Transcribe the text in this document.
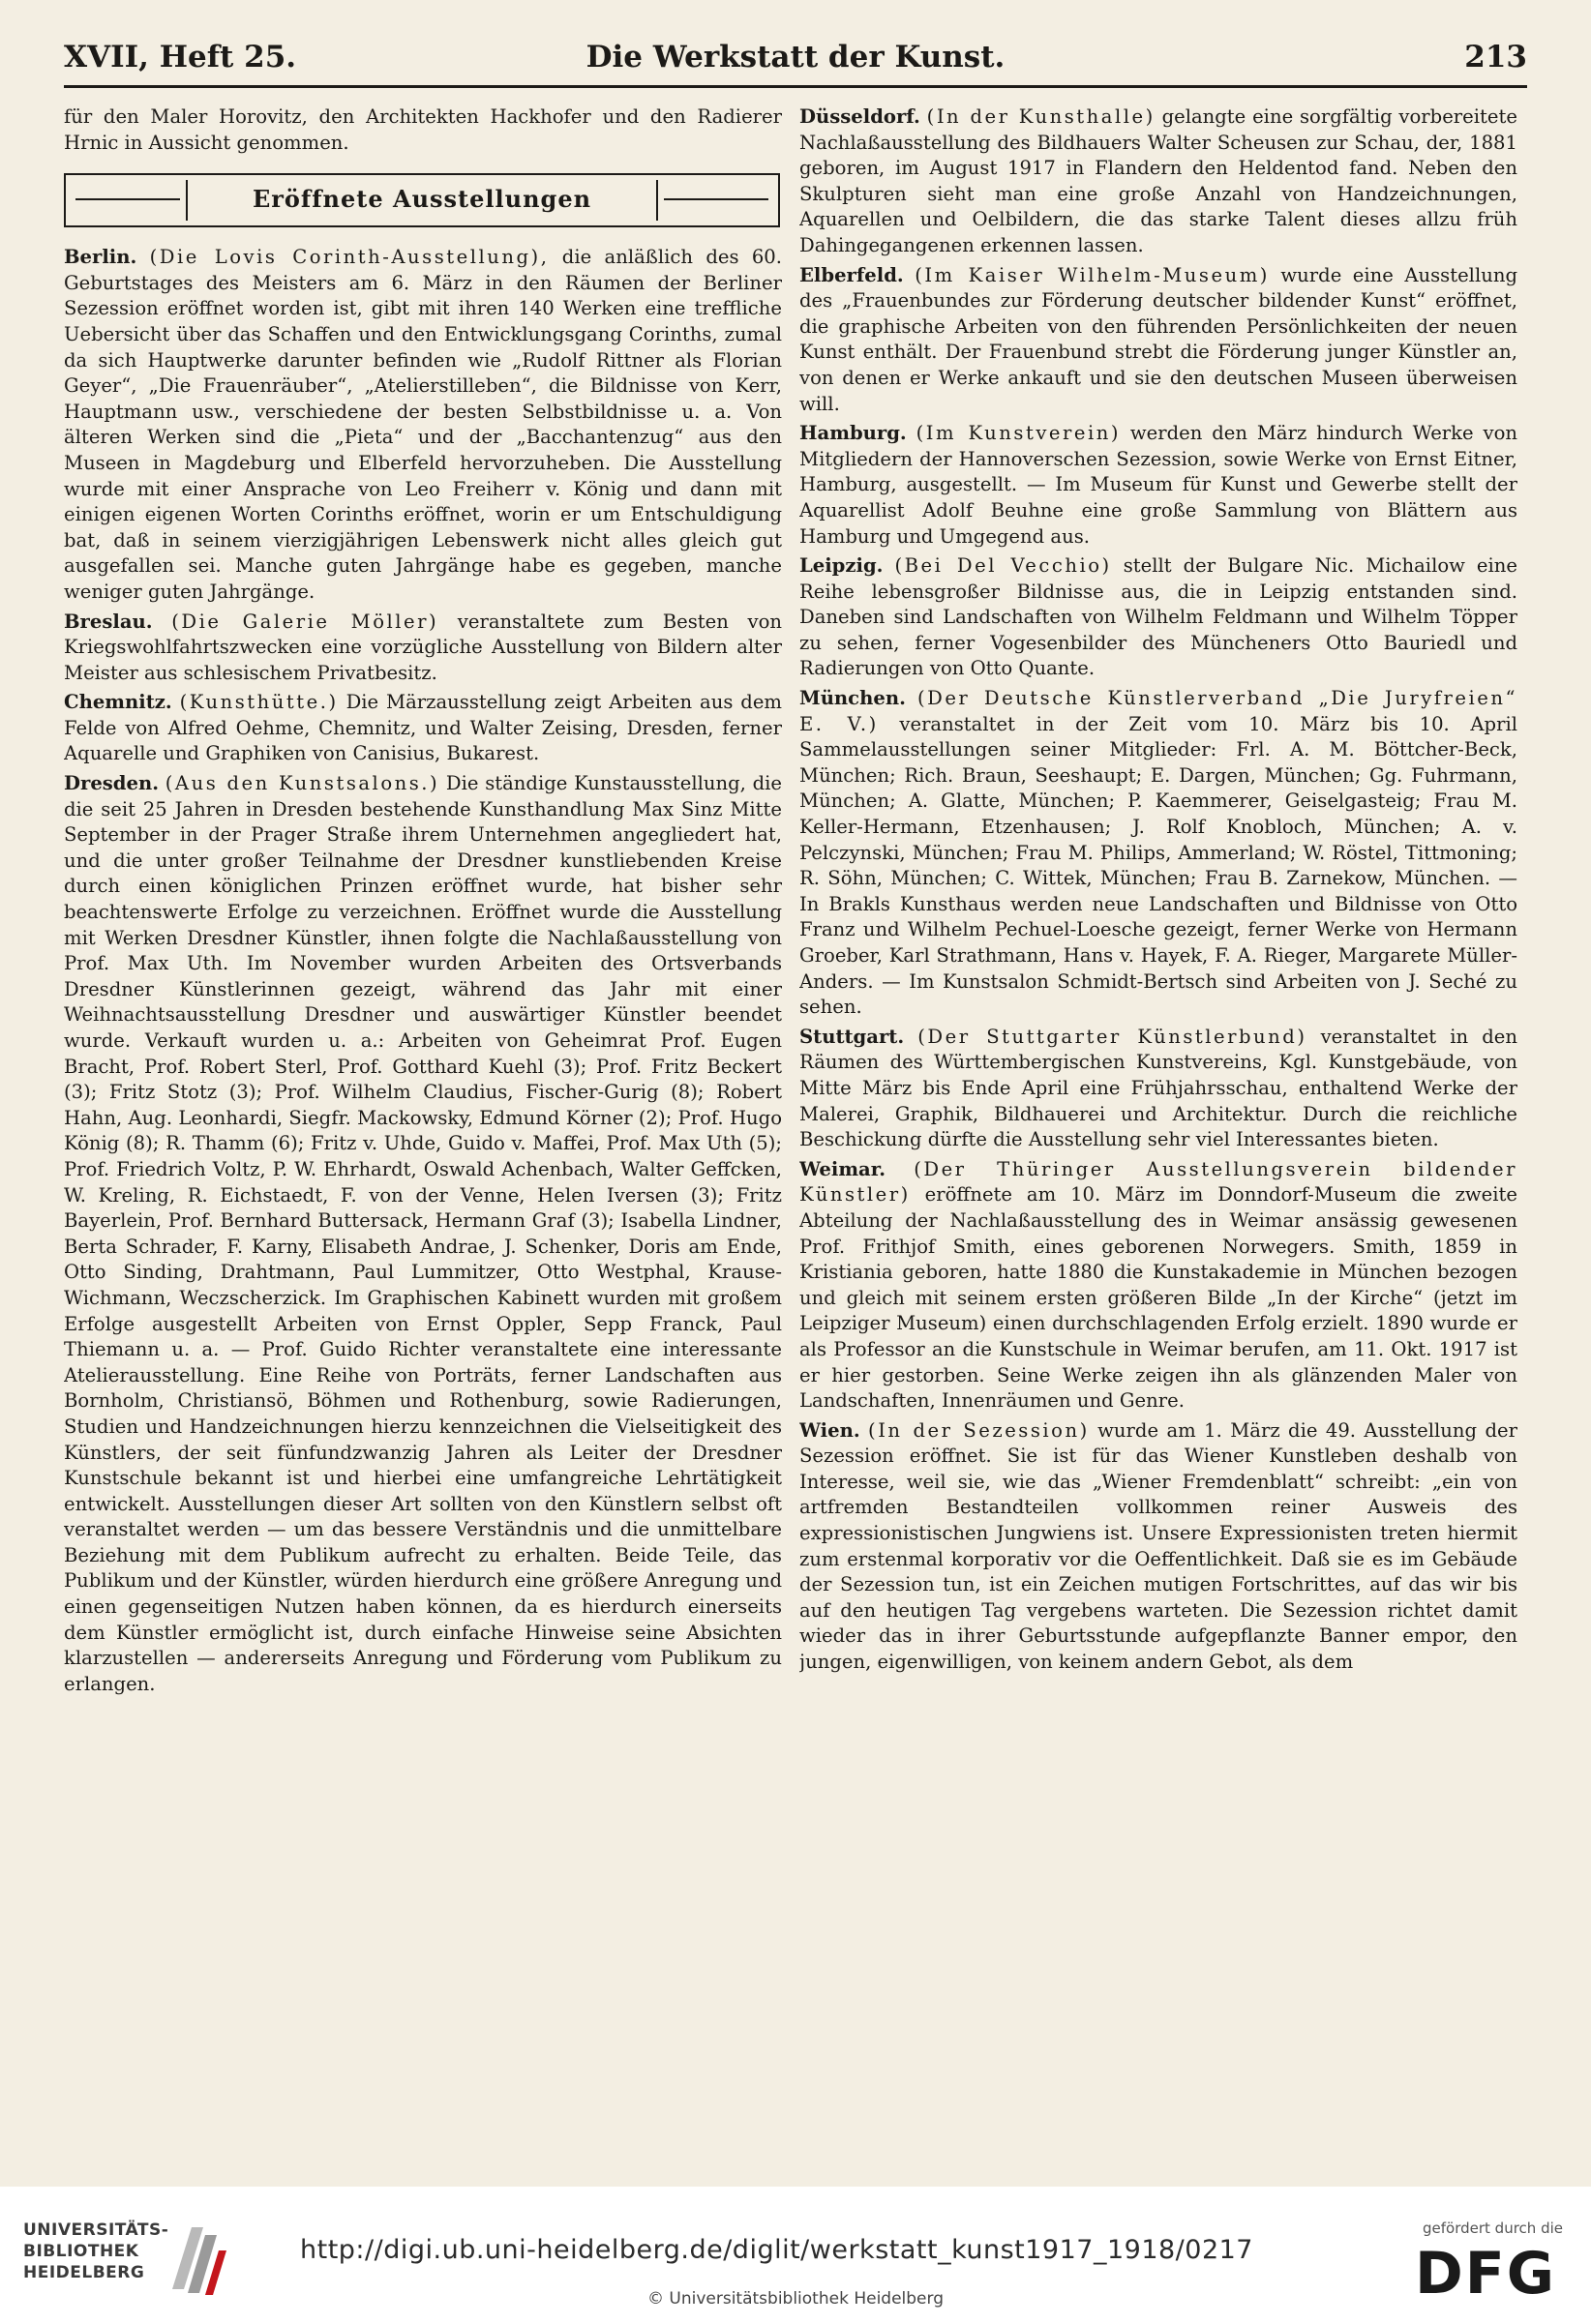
XVII, Heft 25.	Die Werkstatt der Kunst.	213

für den Maler Horovitz, den Architekten Hackhofer und den Radierer Hrnic in Aussicht genommen.

Eröffnete Ausstellungen

Berlin. (Die Lovis Corinth-Ausstellung), die anläßlich des 60. Geburtstages des Meisters am 6. März in den Räumen der Berliner Sezession eröffnet worden ist, gibt mit ihren 140 Werken eine treffliche Uebersicht über das Schaffen und den Entwicklungsgang Corinths, zumal da sich Hauptwerke darunter befinden wie „Rudolf Rittner als Florian Geyer“, „Die Frauenräuber“, „Atelierstilleben“, die Bildnisse von Kerr, Hauptmann usw., verschiedene der besten Selbstbildnisse u. a. Von älteren Werken sind die „Pieta“ und der „Bacchantenzug“ aus den Museen in Magdeburg und Elberfeld hervorzuheben. Die Ausstellung wurde mit einer Ansprache von Leo Freiherr v. König und dann mit einigen eigenen Worten Corinths eröffnet, worin er um Entschuldigung bat, daß in seinem vierzigjährigen Lebenswerk nicht alles gleich gut ausgefallen sei. Manche guten Jahrgänge habe es gegeben, manche weniger guten Jahrgänge.

Breslau. (Die Galerie Möller) veranstaltete zum Besten von Kriegswohlfahrtszwecken eine vorzügliche Ausstellung von Bildern alter Meister aus schlesischem Privatbesitz.

Chemnitz. (Kunsthütte.) Die Märzausstellung zeigt Arbeiten aus dem Felde von Alfred Oehme, Chemnitz, und Walter Zeising, Dresden, ferner Aquarelle und Graphiken von Canisius, Bukarest.

Dresden. (Aus den Kunstsalons.) Die ständige Kunstausstellung, die die seit 25 Jahren in Dresden bestehende Kunsthandlung Max Sinz Mitte September in der Prager Straße ihrem Unternehmen angegliedert hat, und die unter großer Teilnahme der Dresdner kunstliebenden Kreise durch einen königlichen Prinzen eröffnet wurde, hat bisher sehr beachtenswerte Erfolge zu verzeichnen. Eröffnet wurde die Ausstellung mit Werken Dresdner Künstler, ihnen folgte die Nachlaßausstellung von Prof. Max Uth. Im November wurden Arbeiten des Ortsverbands Dresdner Künstlerinnen gezeigt, während das Jahr mit einer Weihnachtsausstellung Dresdner und auswärtiger Künstler beendet wurde. Verkauft wurden u. a.: Arbeiten von Geheimrat Prof. Eugen Bracht, Prof. Robert Sterl, Prof. Gotthard Kuehl (3); Prof. Fritz Beckert (3); Fritz Stotz (3); Prof. Wilhelm Claudius, Fischer-Gurig (8); Robert Hahn, Aug. Leonhardi, Siegfr. Mackowsky, Edmund Körner (2); Prof. Hugo König (8); R. Thamm (6); Fritz v. Uhde, Guido v. Maffei, Prof. Max Uth (5); Prof. Friedrich Voltz, P. W. Ehrhardt, Oswald Achenbach, Walter Geffcken, W. Kreling, R. Eichstaedt, F. von der Venne, Helen Iversen (3); Fritz Bayerlein, Prof. Bernhard Buttersack, Hermann Graf (3); Isabella Lindner, Berta Schrader, F. Karny, Elisabeth Andrae, J. Schenker, Doris am Ende, Otto Sinding, Drahtmann, Paul Lummitzer, Otto Westphal, Krause-Wichmann, Weczscherzick. Im Graphischen Kabinett wurden mit großem Erfolge ausgestellt Arbeiten von Ernst Oppler, Sepp Franck, Paul Thiemann u. a. — Prof. Guido Richter veranstaltete eine interessante Atelierausstellung. Eine Reihe von Porträts, ferner Landschaften aus Bornholm, Christiansö, Böhmen und Rothenburg, sowie Radierungen, Studien und Handzeichnungen hierzu kennzeichnen die Vielseitigkeit des Künstlers, der seit fünfundzwanzig Jahren als Leiter der Dresdner Kunstschule bekannt ist und hierbei eine umfangreiche Lehrtätigkeit entwickelt. Ausstellungen dieser Art sollten von den Künstlern selbst oft veranstaltet werden — um das bessere Verständnis und die unmittelbare Beziehung mit dem Publikum aufrecht zu erhalten. Beide Teile, das Publikum und der Künstler, würden hierdurch eine größere Anregung und einen gegenseitigen Nutzen haben können, da es hierdurch einerseits dem Künstler ermöglicht ist, durch einfache Hinweise seine Absichten klarzustellen — andererseits Anregung und Förderung vom Publikum zu erlangen.

Düsseldorf. (In der Kunsthalle) gelangte eine sorgfältig vorbereitete Nachlaßausstellung des Bildhauers Walter Scheusen zur Schau, der, 1881 geboren, im August 1917 in Flandern den Heldentod fand. Neben den Skulpturen sieht man eine große Anzahl von Handzeichnungen, Aquarellen und Oelbildern, die das starke Talent dieses allzu früh Dahingegangenen erkennen lassen.

Elberfeld. (Im Kaiser Wilhelm-Museum) wurde eine Ausstellung des „Frauenbundes zur Förderung deutscher bildender Kunst“ eröffnet, die graphische Arbeiten von den führenden Persönlichkeiten der neuen Kunst enthält. Der Frauenbund strebt die Förderung junger Künstler an, von denen er Werke ankauft und sie den deutschen Museen überweisen will.

Hamburg. (Im Kunstverein) werden den März hindurch Werke von Mitgliedern der Hannoverschen Sezession, sowie Werke von Ernst Eitner, Hamburg, ausgestellt. — Im Museum für Kunst und Gewerbe stellt der Aquarellist Adolf Beuhne eine große Sammlung von Blättern aus Hamburg und Umgegend aus.

Leipzig. (Bei Del Vecchio) stellt der Bulgare Nic. Michailow eine Reihe lebensgroßer Bildnisse aus, die in Leipzig entstanden sind. Daneben sind Landschaften von Wilhelm Feldmann und Wilhelm Töpper zu sehen, ferner Vogesenbilder des Müncheners Otto Bauriedl und Radierungen von Otto Quante.

München. (Der Deutsche Künstlerverband „Die Juryfreien“ E. V.) veranstaltet in der Zeit vom 10. März bis 10. April Sammelausstellungen seiner Mitglieder: Frl. A. M. Böttcher-Beck, München; Rich. Braun, Seeshaupt; E. Dargen, München; Gg. Fuhrmann, München; A. Glatte, München; P. Kaemmerer, Geiselgasteig; Frau M. Keller-Hermann, Etzenhausen; J. Rolf Knobloch, München; A. v. Pelczynski, München; Frau M. Philips, Ammerland; W. Röstel, Tittmoning; R. Söhn, München; C. Wittek, München; Frau B. Zarnekow, München. — In Brakls Kunsthaus werden neue Landschaften und Bildnisse von Otto Franz und Wilhelm Pechuel-Loesche gezeigt, ferner Werke von Hermann Groeber, Karl Strathmann, Hans v. Hayek, F. A. Rieger, Margarete Müller-Anders. — Im Kunstsalon Schmidt-Bertsch sind Arbeiten von J. Seché zu sehen.

Stuttgart. (Der Stuttgarter Künstlerbund) veranstaltet in den Räumen des Württembergischen Kunstvereins, Kgl. Kunstgebäude, von Mitte März bis Ende April eine Frühjahrsschau, enthaltend Werke der Malerei, Graphik, Bildhauerei und Architektur. Durch die reichliche Beschickung dürfte die Ausstellung sehr viel Interessantes bieten.

Weimar. (Der Thüringer Ausstellungsverein bildender Künstler) eröffnete am 10. März im Donndorf-Museum die zweite Abteilung der Nachlaßausstellung des in Weimar ansässig gewesenen Prof. Frithjof Smith, eines geborenen Norwegers. Smith, 1859 in Kristiania geboren, hatte 1880 die Kunstakademie in München bezogen und gleich mit seinem ersten größeren Bilde „In der Kirche“ (jetzt im Leipziger Museum) einen durchschlagenden Erfolg erzielt. 1890 wurde er als Professor an die Kunstschule in Weimar berufen, am 11. Okt. 1917 ist er hier gestorben. Seine Werke zeigen ihn als glänzenden Maler von Landschaften, Innenräumen und Genre.

Wien. (In der Sezession) wurde am 1. März die 49. Ausstellung der Sezession eröffnet. Sie ist für das Wiener Kunstleben deshalb von Interesse, weil sie, wie das „Wiener Fremdenblatt“ schreibt: „ein von artfremden Bestandteilen vollkommen reiner Ausweis des expressionistischen Jungwiens ist. Unsere Expressionisten treten hiermit zum erstenmal korporativ vor die Oeffentlichkeit. Daß sie es im Gebäude der Sezession tun, ist ein Zeichen mutigen Fortschrittes, auf das wir bis auf den heutigen Tag vergebens warteten. Die Sezession richtet damit wieder das in ihrer Geburtsstunde aufgepflanzte Banner empor, den jungen, eigenwilligen, von keinem andern Gebot, als dem

UNIVERSITÄTS-
BIBLIOTHEK
HEIDELBERG
http://digi.ub.uni-heidelberg.de/diglit/werkstatt_kunst1917_1918/0217
© Universitätsbibliothek Heidelberg
gefördert durch die
DFG
